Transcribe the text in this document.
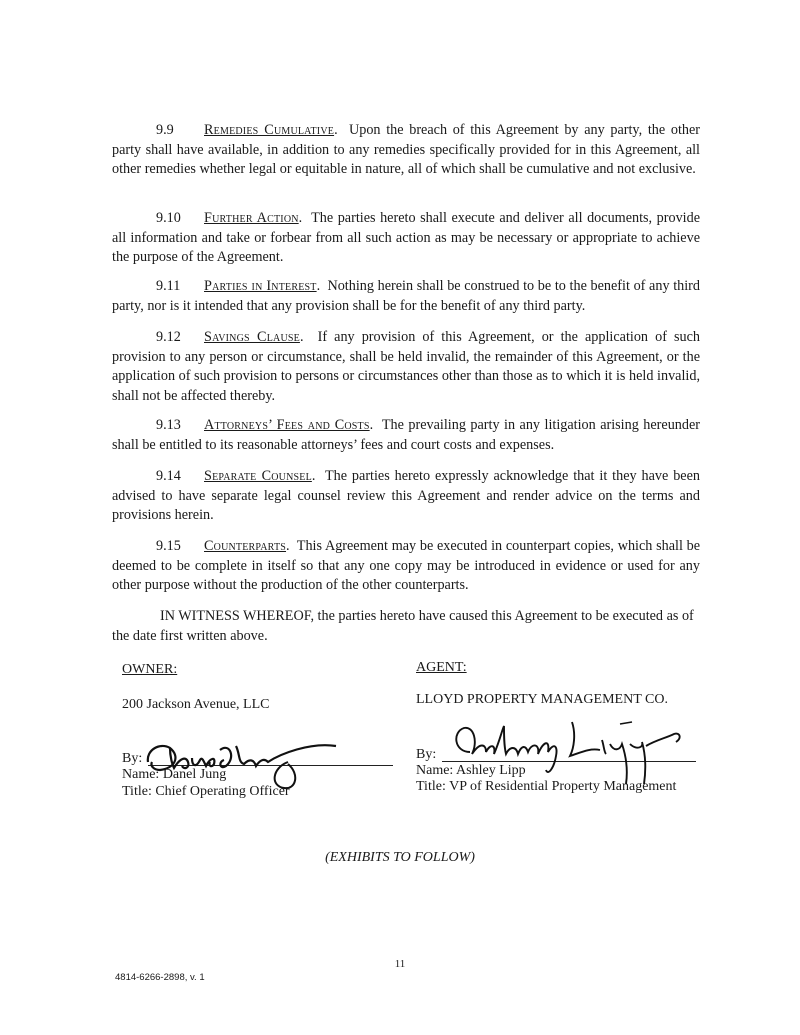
9.9 Remedies Cumulative.  Upon the breach of this Agreement by any party, the other party shall have available, in addition to any remedies specifically provided for in this Agreement, all other remedies whether legal or equitable in nature, all of which shall be cumulative and not exclusive.

9.10 Further Action.  The parties hereto shall execute and deliver all documents, provide all information and take or forbear from all such action as may be necessary or appropriate to achieve the purpose of the Agreement.

9.11 Parties in Interest.  Nothing herein shall be construed to be to the benefit of any third party, nor is it intended that any provision shall be for the benefit of any third party.

9.12 Savings Clause.  If any provision of this Agreement, or the application of such provision to any person or circumstance, shall be held invalid, the remainder of this Agreement, or the application of such provision to persons or circumstances other than those as to which it is held invalid, shall not be affected thereby.

9.13 Attorneys’ Fees and Costs.  The prevailing party in any litigation arising hereunder shall be entitled to its reasonable attorneys’ fees and court costs and expenses.

9.14 Separate Counsel.  The parties hereto expressly acknowledge that it they have been advised to have separate legal counsel review this Agreement and render advice on the terms and provisions herein.

9.15 Counterparts.  This Agreement may be executed in counterpart copies, which shall be deemed to be complete in itself so that any one copy may be introduced in evidence or used for any other purpose without the production of the other counterparts.

IN WITNESS WHEREOF, the parties hereto have caused this Agreement to be executed as of the date first written above.

OWNER:
200 Jackson Avenue, LLC
By:
Name: Danel Jung
Title: Chief Operating Officer
AGENT:
LLOYD PROPERTY MANAGEMENT CO.
By:
Name: Ashley Lipp
Title: VP of Residential Property Management
(EXHIBITS TO FOLLOW)
11
4814-6266-2898, v. 1
